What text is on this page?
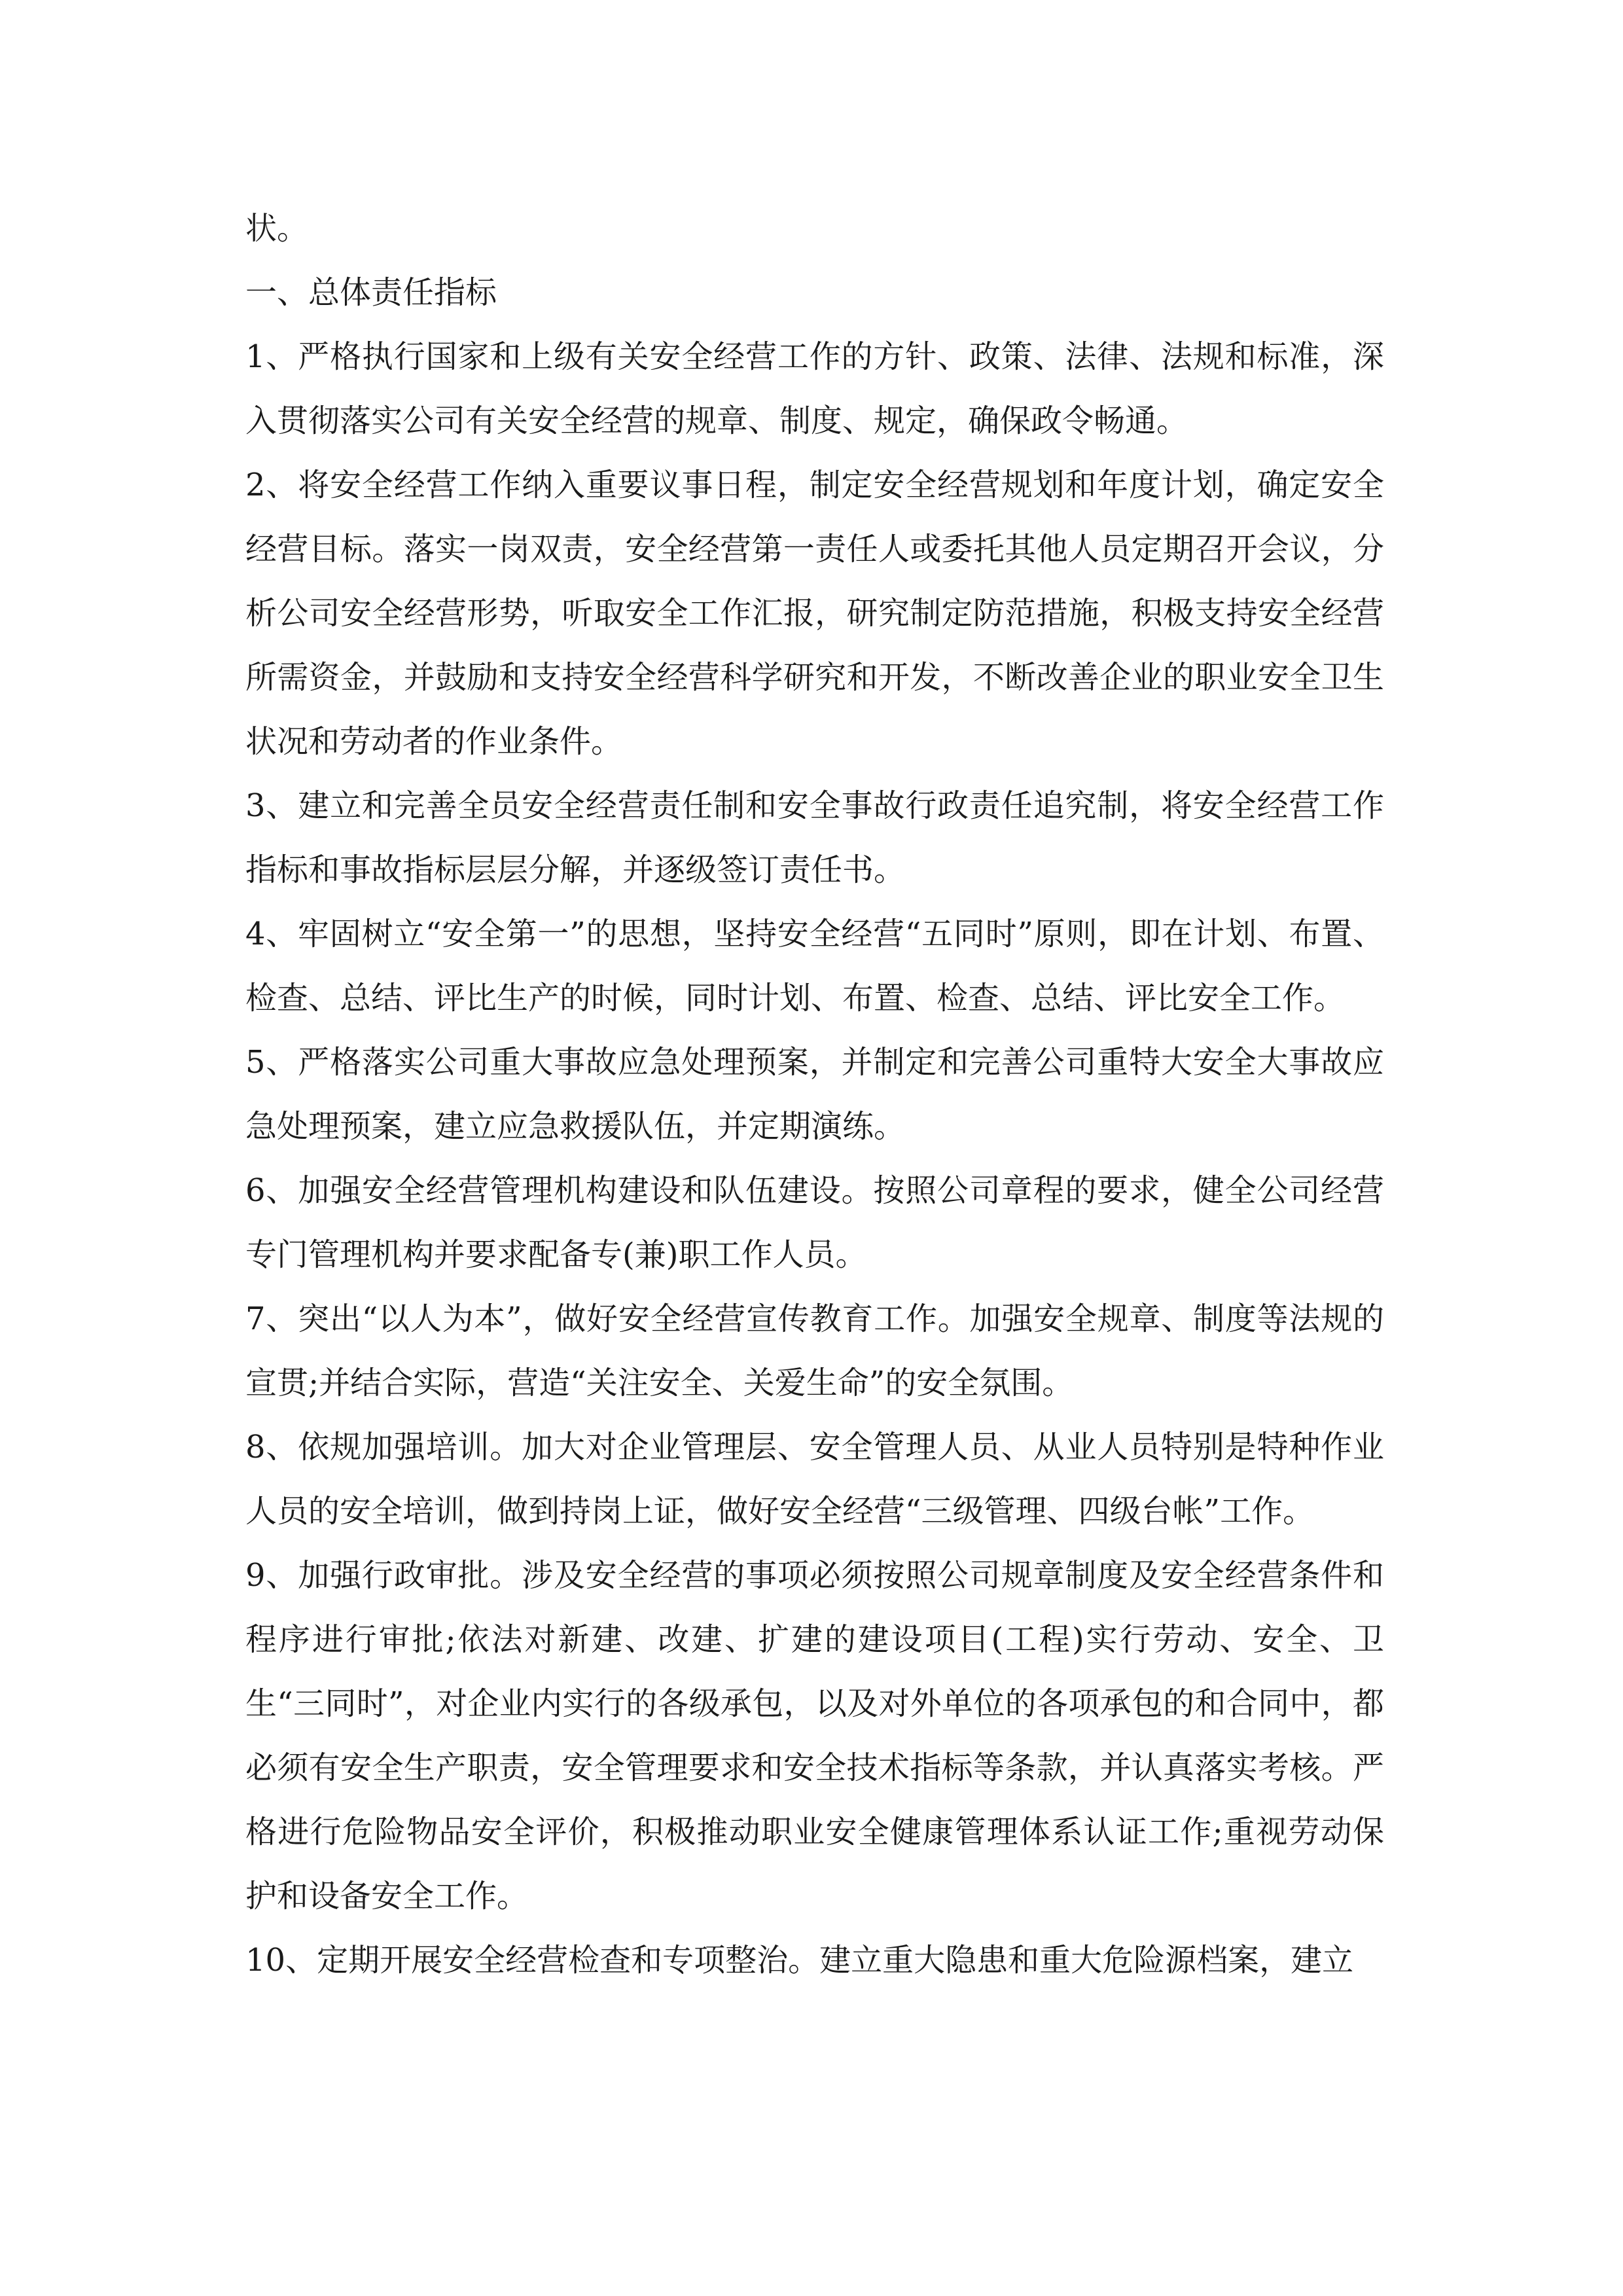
状。

一、总体责任指标

1、严格执行国家和上级有关安全经营工作的方针、政策、法律、法规和标准，深入贯彻落实公司有关安全经营的规章、制度、规定，确保政令畅通。

2、将安全经营工作纳入重要议事日程，制定安全经营规划和年度计划，确定安全经营目标。落实一岗双责，安全经营第一责任人或委托其他人员定期召开会议，分析公司安全经营形势，听取安全工作汇报，研究制定防范措施，积极支持安全经营所需资金，并鼓励和支持安全经营科学研究和开发，不断改善企业的职业安全卫生状况和劳动者的作业条件。

3、建立和完善全员安全经营责任制和安全事故行政责任追究制，将安全经营工作指标和事故指标层层分解，并逐级签订责任书。

4、牢固树立“安全第一”的思想，坚持安全经营“五同时”原则，即在计划、布置、检查、总结、评比生产的时候，同时计划、布置、检查、总结、评比安全工作。

5、严格落实公司重大事故应急处理预案，并制定和完善公司重特大安全大事故应急处理预案，建立应急救援队伍，并定期演练。

6、加强安全经营管理机构建设和队伍建设。按照公司章程的要求，健全公司经营专门管理机构并要求配备专(兼)职工作人员。

7、突出“以人为本”，做好安全经营宣传教育工作。加强安全规章、制度等法规的宣贯;并结合实际，营造“关注安全、关爱生命”的安全氛围。

8、依规加强培训。加大对企业管理层、安全管理人员、从业人员特别是特种作业人员的安全培训，做到持岗上证，做好安全经营“三级管理、四级台帐”工作。

9、加强行政审批。涉及安全经营的事项必须按照公司规章制度及安全经营条件和程序进行审批;依法对新建、改建、扩建的建设项目(工程)实行劳动、安全、卫生“三同时”，对企业内实行的各级承包，以及对外单位的各项承包的和合同中，都必须有安全生产职责，安全管理要求和安全技术指标等条款，并认真落实考核。严格进行危险物品安全评价，积极推动职业安全健康管理体系认证工作;重视劳动保护和设备安全工作。

10、定期开展安全经营检查和专项整治。建立重大隐患和重大危险源档案，建立
